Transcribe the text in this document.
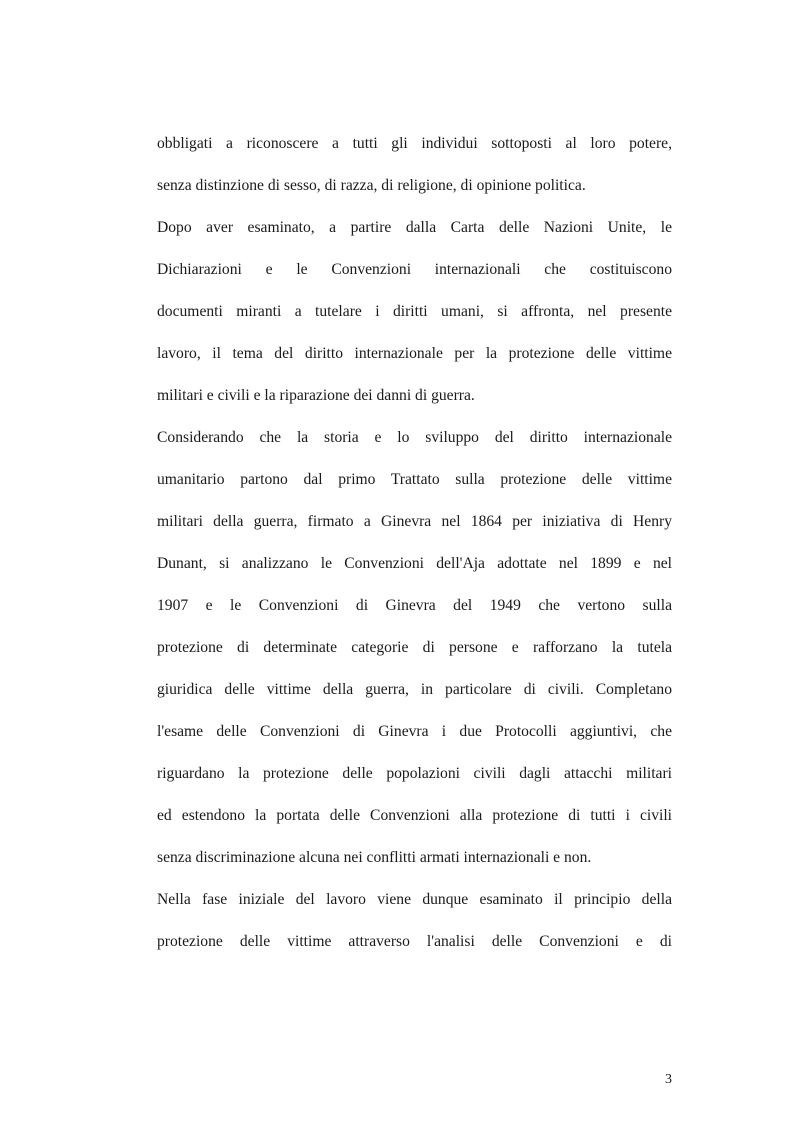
obbligati a riconoscere a tutti gli individui sottoposti al loro potere,
senza distinzione di sesso, di razza, di religione, di opinione politica.
Dopo aver esaminato, a partire dalla Carta delle Nazioni Unite, le
Dichiarazioni e le Convenzioni internazionali che costituiscono
documenti miranti a tutelare i diritti umani, si affronta, nel presente
lavoro, il tema del diritto internazionale per la protezione delle vittime
militari e civili e la riparazione dei danni di guerra.
Considerando che la storia e lo sviluppo del diritto internazionale
umanitario partono dal primo Trattato sulla protezione delle vittime
militari della guerra, firmato a Ginevra nel 1864 per iniziativa di Henry
Dunant, si analizzano le Convenzioni dell'Aja adottate nel 1899 e nel
1907 e le Convenzioni di Ginevra del 1949 che vertono sulla
protezione di determinate categorie di persone e rafforzano la tutela
giuridica delle vittime della guerra, in particolare di civili. Completano
l'esame delle Convenzioni di Ginevra i due Protocolli aggiuntivi, che
riguardano la protezione delle popolazioni civili dagli attacchi militari
ed estendono la portata delle Convenzioni alla protezione di tutti i civili
senza discriminazione alcuna nei conflitti armati internazionali e non.
Nella fase iniziale del lavoro viene dunque esaminato il principio della
protezione delle vittime attraverso l'analisi delle Convenzioni e di
3
